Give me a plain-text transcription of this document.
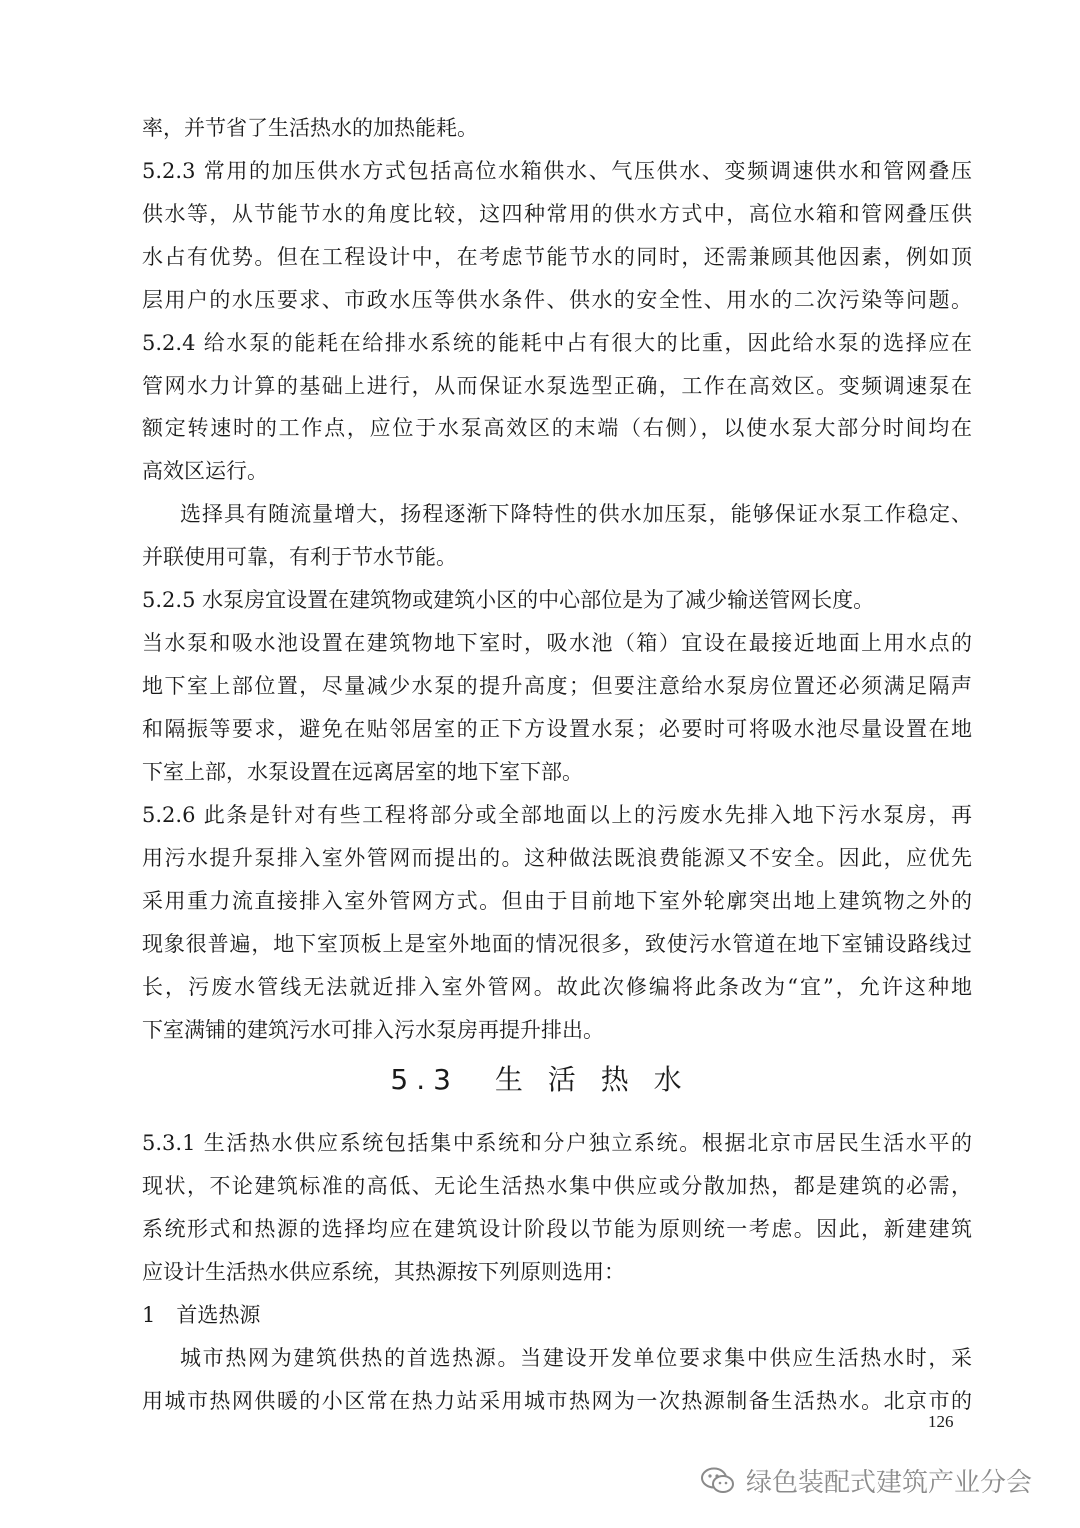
率，并节省了生活热水的加热能耗。
5.2.3 常用的加压供水方式包括高位水箱供水、气压供水、变频调速供水和管网叠压
供水等，从节能节水的角度比较，这四种常用的供水方式中，高位水箱和管网叠压供
水占有优势。但在工程设计中，在考虑节能节水的同时，还需兼顾其他因素，例如顶
层用户的水压要求、市政水压等供水条件、供水的安全性、用水的二次污染等问题。
5.2.4 给水泵的能耗在给排水系统的能耗中占有很大的比重，因此给水泵的选择应在
管网水力计算的基础上进行，从而保证水泵选型正确，工作在高效区。变频调速泵在
额定转速时的工作点，应位于水泵高效区的末端（右侧），以使水泵大部分时间均在
高效区运行。
选择具有随流量增大，扬程逐渐下降特性的供水加压泵，能够保证水泵工作稳定、
并联使用可靠，有利于节水节能。
5.2.5 水泵房宜设置在建筑物或建筑小区的中心部位是为了减少输送管网长度。
当水泵和吸水池设置在建筑物地下室时，吸水池（箱）宜设在最接近地面上用水点的
地下室上部位置，尽量减少水泵的提升高度；但要注意给水泵房位置还必须满足隔声
和隔振等要求，避免在贴邻居室的正下方设置水泵；必要时可将吸水池尽量设置在地
下室上部，水泵设置在远离居室的地下室下部。
5.2.6 此条是针对有些工程将部分或全部地面以上的污废水先排入地下污水泵房，再
用污水提升泵排入室外管网而提出的。这种做法既浪费能源又不安全。因此，应优先
采用重力流直接排入室外管网方式。但由于目前地下室外轮廓突出地上建筑物之外的
现象很普遍，地下室顶板上是室外地面的情况很多，致使污水管道在地下室铺设路线过
长，污废水管线无法就近排入室外管网。故此次修编将此条改为“宜”，允许这种地
下室满铺的建筑污水可排入污水泵房再提升排出。
5.3　生 活 热 水
5.3.1 生活热水供应系统包括集中系统和分户独立系统。根据北京市居民生活水平的
现状，不论建筑标准的高低、无论生活热水集中供应或分散加热，都是建筑的必需，
系统形式和热源的选择均应在建筑设计阶段以节能为原则统一考虑。因此，新建建筑
应设计生活热水供应系统，其热源按下列原则选用：
1　首选热源
城市热网为建筑供热的首选热源。当建设开发单位要求集中供应生活热水时，采
用城市热网供暖的小区常在热力站采用城市热网为一次热源制备生活热水。北京市的
126
绿色装配式建筑产业分会
